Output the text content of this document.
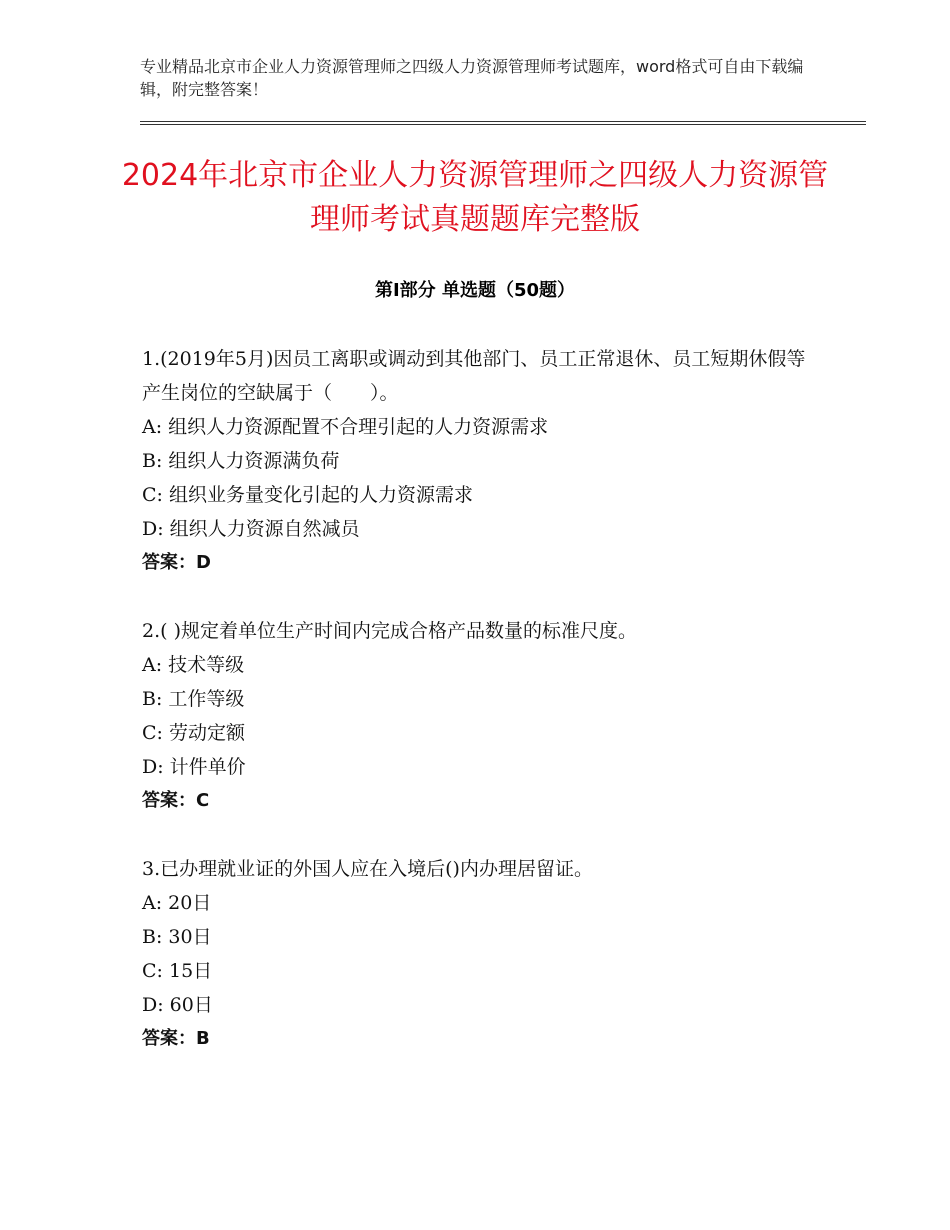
专业精品北京市企业人力资源管理师之四级人力资源管理师考试题库，word格式可自由下载编辑，附完整答案！
2024年北京市企业人力资源管理师之四级人力资源管理师考试真题题库完整版
第Ⅰ部分 单选题（50题）

1.(2019年5月)因员工离职或调动到其他部门、员工正常退休、员工短期休假等产生岗位的空缺属于（　　）。

A: 组织人力资源配置不合理引起的人力资源需求

B: 组织人力资源满负荷

C: 组织业务量变化引起的人力资源需求

D: 组织人力资源自然减员

答案：D

2.( )规定着单位生产时间内完成合格产品数量的标准尺度。

A: 技术等级

B: 工作等级

C: 劳动定额

D: 计件单价

答案：C

3.已办理就业证的外国人应在入境后()内办理居留证。

A: 20日

B: 30日

C: 15日

D: 60日

答案：B
